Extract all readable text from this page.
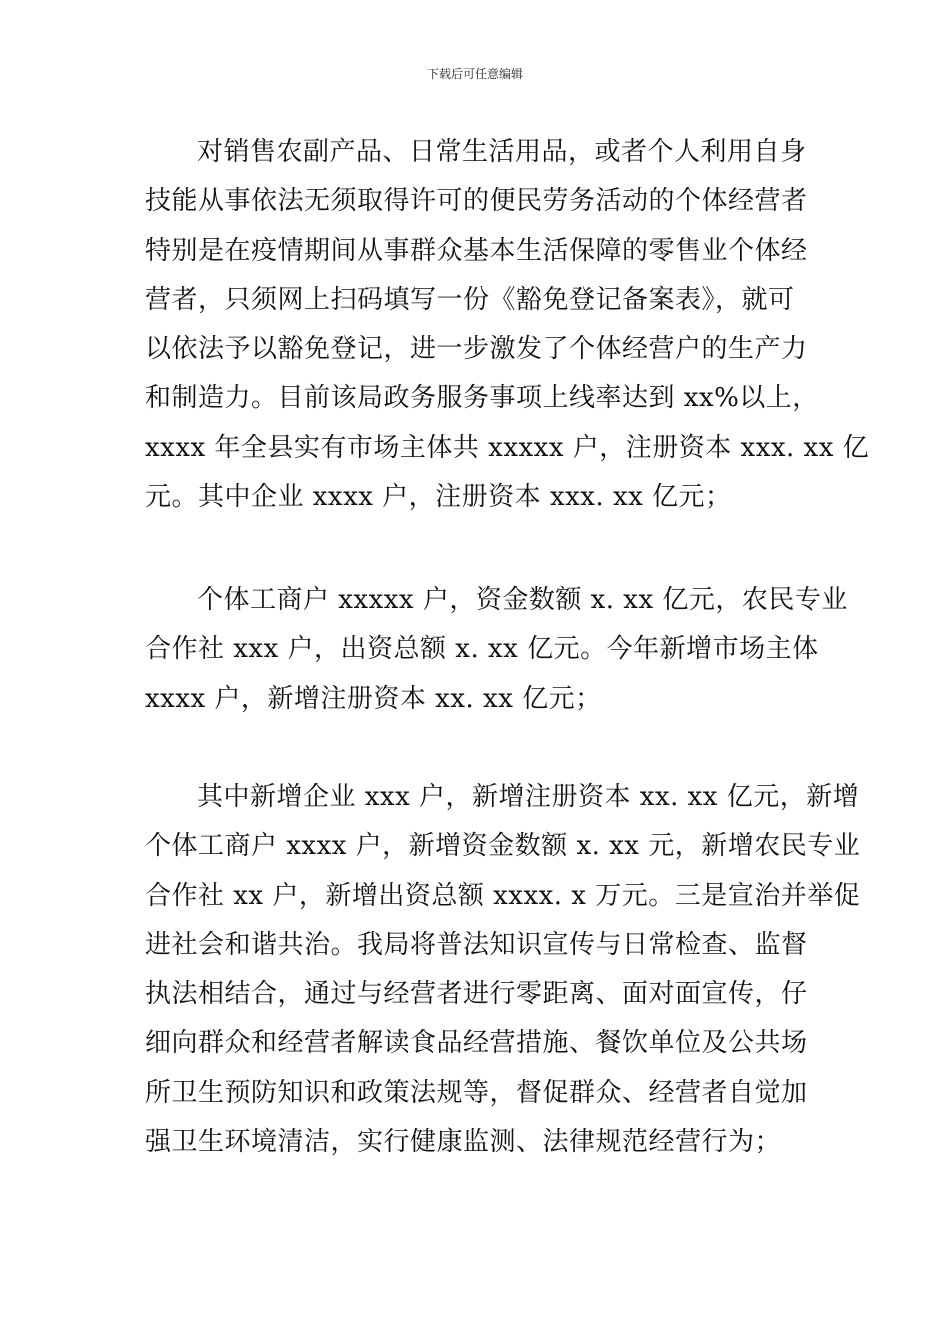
下载后可任意编辑
对销售农副产品、日常生活用品，或者个人利用自身
技能从事依法无须取得许可的便民劳务活动的个体经营者
特别是在疫情期间从事群众基本生活保障的零售业个体经
营者，只须网上扫码填写一份《豁免登记备案表》，就可
以依法予以豁免登记，进一步激发了个体经营户的生产力
和制造力。目前该局政务服务事项上线率达到 xx%以上，
xxxx 年全县实有市场主体共 xxxxx 户，注册资本 xxx. xx 亿
元。其中企业 xxxx 户，注册资本 xxx. xx 亿元；
个体工商户 xxxxx 户，资金数额 x. xx 亿元，农民专业
合作社 xxx 户，出资总额 x. xx 亿元。今年新增市场主体
xxxx 户，新增注册资本 xx. xx 亿元；
其中新增企业 xxx 户，新增注册资本 xx. xx 亿元，新增
个体工商户 xxxx 户，新增资金数额 x. xx 元，新增农民专业
合作社 xx 户，新增出资总额 xxxx. x 万元。三是宣治并举促
进社会和谐共治。我局将普法知识宣传与日常检查、监督
执法相结合，通过与经营者进行零距离、面对面宣传，仔
细向群众和经营者解读食品经营措施、餐饮单位及公共场
所卫生预防知识和政策法规等，督促群众、经营者自觉加
强卫生环境清洁，实行健康监测、法律规范经营行为；
